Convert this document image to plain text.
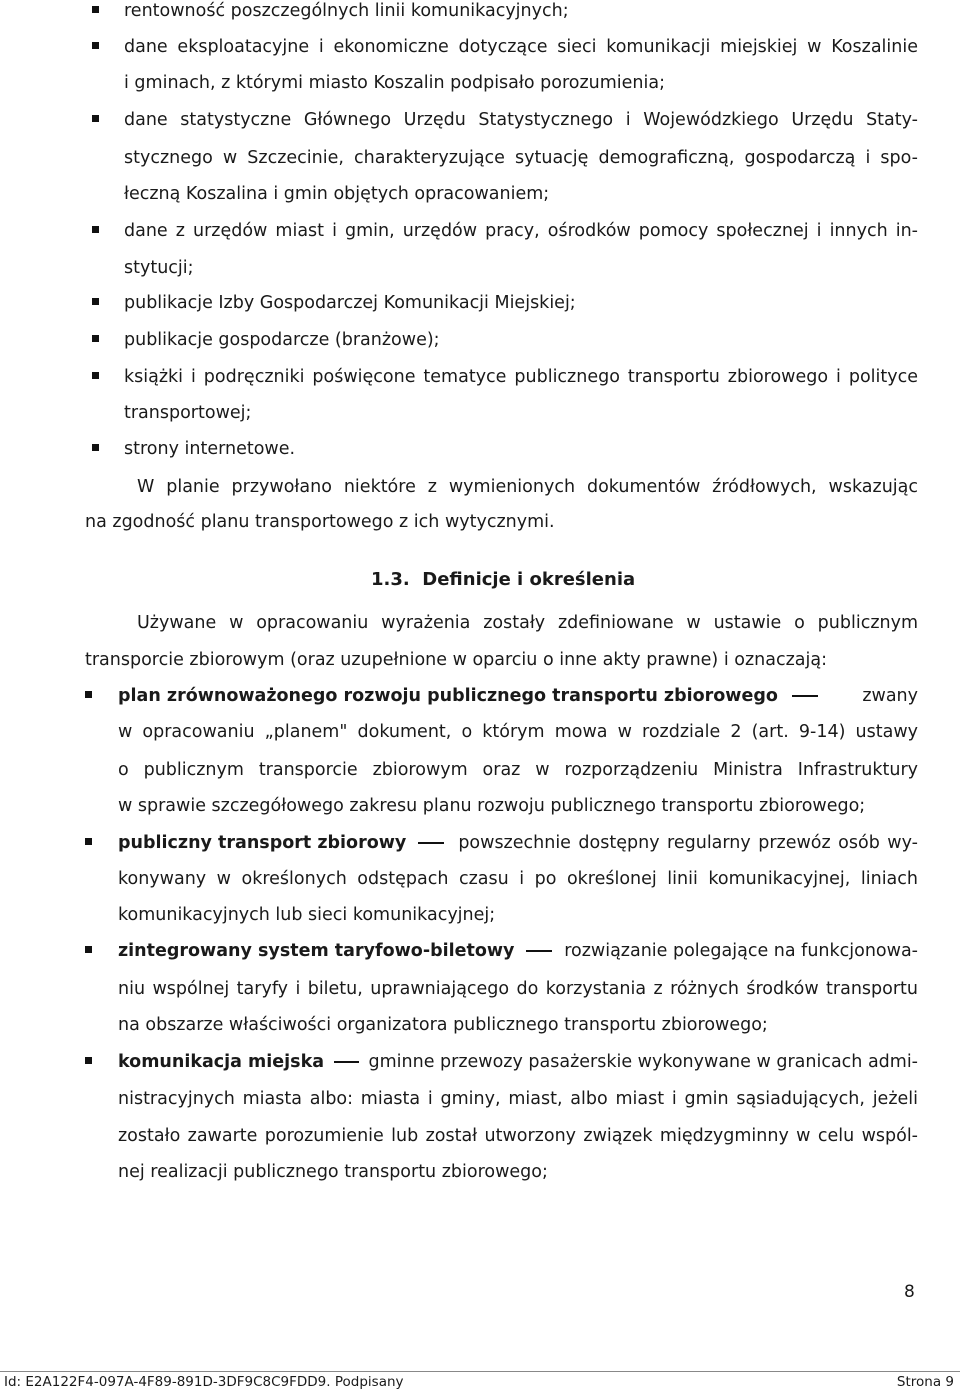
rentowność poszczególnych linii komunikacyjnych;
dane eksploatacyjne i ekonomiczne dotyczące sieci komunikacji miejskiej w Koszalinie
i gminach, z którymi miasto Koszalin podpisało porozumienia;
dane statystyczne Głównego Urzędu Statystycznego i Wojewódzkiego Urzędu Staty-
stycznego w Szczecinie, charakteryzujące sytuację demograficzną, gospodarczą i spo-
łeczną Koszalina i gmin objętych opracowaniem;
dane z urzędów miast i gmin, urzędów pracy, ośrodków pomocy społecznej i innych in-
stytucji;
publikacje Izby Gospodarczej Komunikacji Miejskiej;
publikacje gospodarcze (branżowe);
książki i podręczniki poświęcone tematyce publicznego transportu zbiorowego i polityce
transportowej;
strony internetowe.
W planie przywołano niektóre z wymienionych dokumentów źródłowych, wskazując
na zgodność planu transportowego z ich wytycznymi.
1.3.  Definicje i określenia
Używane w opracowaniu wyrażenia zostały zdefiniowane w ustawie o publicznym
transporcie zbiorowym (oraz uzupełnione w oparciu o inne akty prawne) i oznaczają:
plan zrównoważonego rozwoju publicznego transportu zbiorowego	zwany
w opracowaniu „planem" dokument, o którym mowa w rozdziale 2 (art. 9-14) ustawy
o publicznym transporcie zbiorowym oraz w rozporządzeniu Ministra Infrastruktury
w sprawie szczegółowego zakresu planu rozwoju publicznego transportu zbiorowego;
publiczny transport zbiorowy	powszechnie dostępny regularny przewóz osób wy-
konywany w określonych odstępach czasu i po określonej linii komunikacyjnej, liniach
komunikacyjnych lub sieci komunikacyjnej;
zintegrowany system taryfowo-biletowy	rozwiązanie polegające na funkcjonowa-
niu wspólnej taryfy i biletu, uprawniającego do korzystania z różnych środków transportu
na obszarze właściwości organizatora publicznego transportu zbiorowego;
komunikacja miejska	gminne przewozy pasażerskie wykonywane w granicach admi-
nistracyjnych miasta albo: miasta i gminy, miast, albo miast i gmin sąsiadujących, jeżeli
zostało zawarte porozumienie lub został utworzony związek międzygminny w celu wspól-
nej realizacji publicznego transportu zbiorowego;
8
Id: E2A122F4-097A-4F89-891D-3DF9C8C9FDD9. Podpisany	Strona 9
